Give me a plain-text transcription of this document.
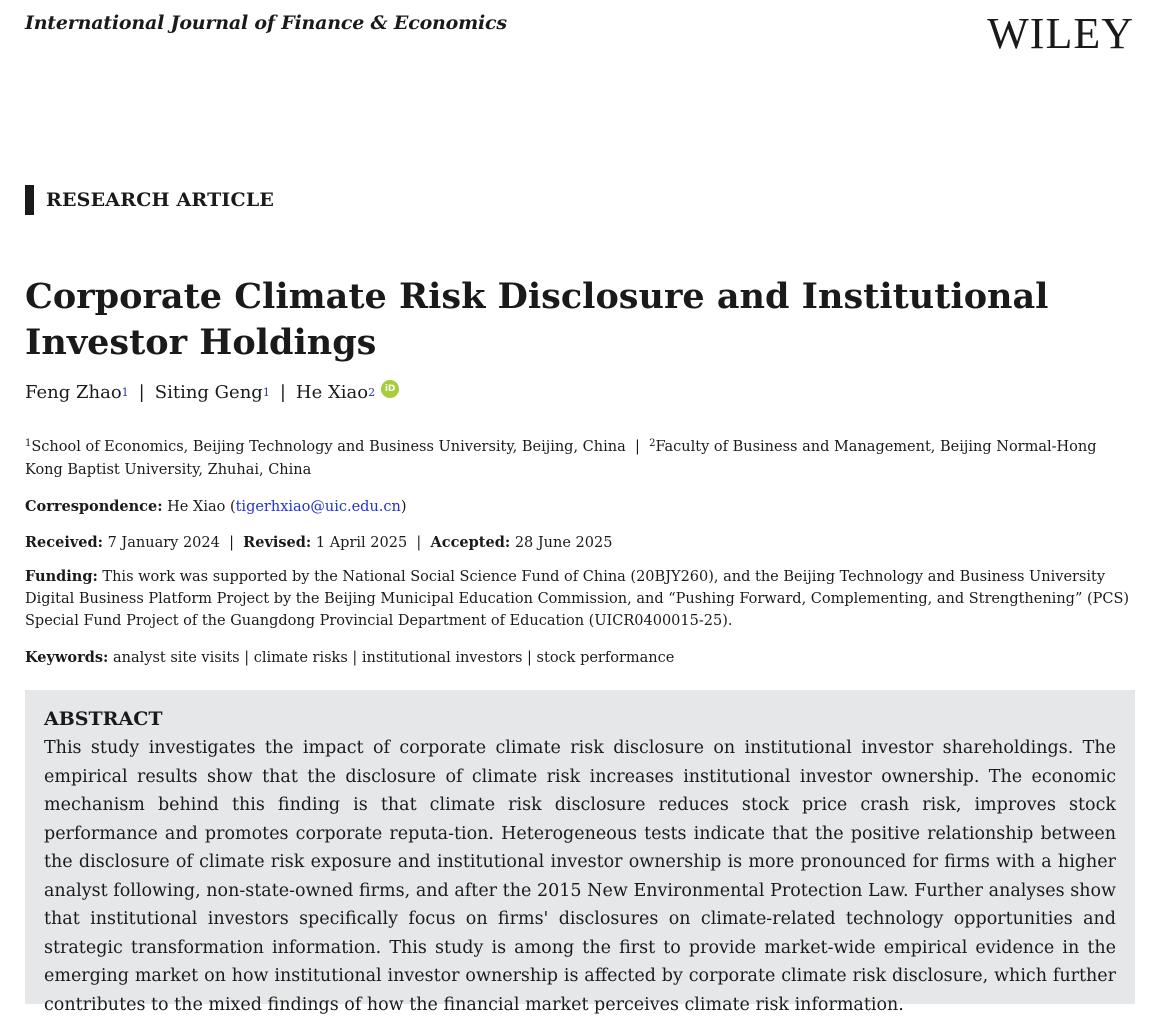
International Journal of Finance & Economics	WILEY
RESEARCH ARTICLE
Corporate Climate Risk Disclosure and Institutional Investor Holdings
Feng Zhao 1 | Siting Geng 1 | He Xiao 2	iD
$^1$School of Economics, Beijing Technology and Business University, Beijing, China | $^2$Faculty of Business and Management, Beijing Normal-Hong Kong Baptist University, Zhuhai, China
Correspondence: He Xiao (tigerhxiao@uic.edu.cn)
Received: 7 January 2024 | Revised: 1 April 2025 | Accepted: 28 June 2025
Funding: This work was supported by the National Social Science Fund of China (20BJY260), and the Beijing Technology and Business University Digital Business Platform Project by the Beijing Municipal Education Commission, and “Pushing Forward, Complementing, and Strengthening” (PCS) Special Fund Project of the Guangdong Provincial Department of Education (UICR0400015-25).
Keywords: analyst site visits | climate risks | institutional investors | stock performance
ABSTRACT

This study investigates the impact of corporate climate risk disclosure on institutional investor shareholdings. The empirical results show that the disclosure of climate risk increases institutional investor ownership. The economic mechanism behind this finding is that climate risk disclosure reduces stock price crash risk, improves stock performance and promotes corporate reputa-tion. Heterogeneous tests indicate that the positive relationship between the disclosure of climate risk exposure and institutional investor ownership is more pronounced for firms with a higher analyst following, non-state-owned firms, and after the 2015 New Environmental Protection Law. Further analyses show that institutional investors specifically focus on firms' disclosures on climate-related technology opportunities and strategic transformation information. This study is among the first to provide market-wide empirical evidence in the emerging market on how institutional investor ownership is affected by corporate climate risk disclosure, which further contributes to the mixed findings of how the financial market perceives climate risk information.
